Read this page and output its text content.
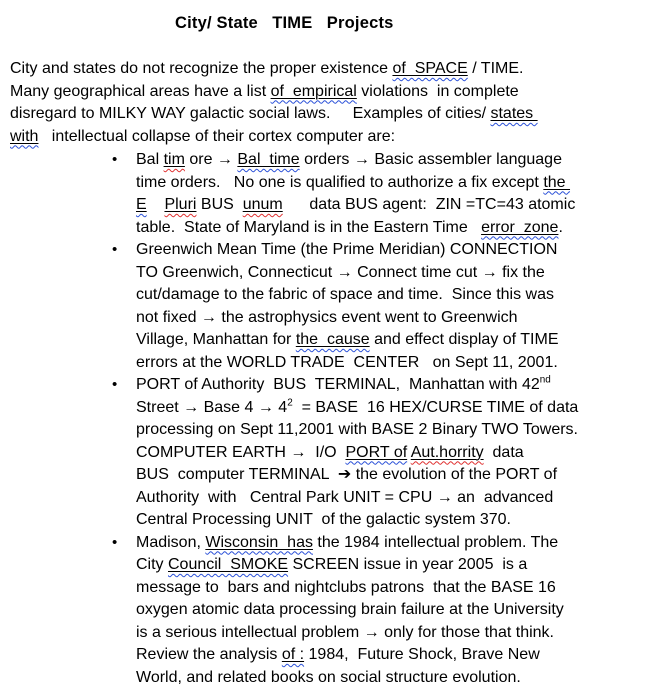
City/ State   TIME   Projects
City and states do not recognize the proper existence of  SPACE / TIME.
Many geographical areas have a list of  empirical violations  in complete
disregard to MILKY WAY galactic social laws.     Examples of cities/ states
with   intellectual collapse of their cortex computer are:
•	Bal tim ore → Bal  time orders → Basic assembler language
time orders.   No one is qualified to authorize a fix except the
E Pluri BUS  unum      data BUS agent:  ZIN =TC=43 atomic
table.  State of Maryland is in the Eastern Time   error  zone.
•	Greenwich Mean Time (the Prime Meridian) CONNECTION
TO Greenwich, Connecticut → Connect time cut → fix the
cut/damage to the fabric of space and time.  Since this was
not fixed → the astrophysics event went to Greenwich
Village, Manhattan for the  cause and effect display of TIME
errors at the WORLD TRADE  CENTER   on Sept 11, 2001.
•	PORT of Authority  BUS  TERMINAL,  Manhattan with 42nd
Street → Base $4 \to 4^2$  = BASE  16 HEX/CURSE TIME of data
processing on Sept 11,2001 with BASE 2 Binary TWO Towers.
COMPUTER EARTH →  I/O  PORT of Aut.horrity  data
BUS  computer TERMINAL  ➔ the evolution of the PORT of
Authority  with   Central Park UNIT = CPU → an  advanced
Central Processing UNIT  of the galactic system 370.
•	Madison, Wisconsin  has the 1984 intellectual problem. The
City Council  SMOKE SCREEN issue in year 2005  is a
message to  bars and nightclubs patrons  that the BASE 16
oxygen atomic data processing brain failure at the University
is a serious intellectual problem → only for those that think.
Review the analysis of : 1984,  Future Shock, Brave New
World, and related books on social structure evolution.
